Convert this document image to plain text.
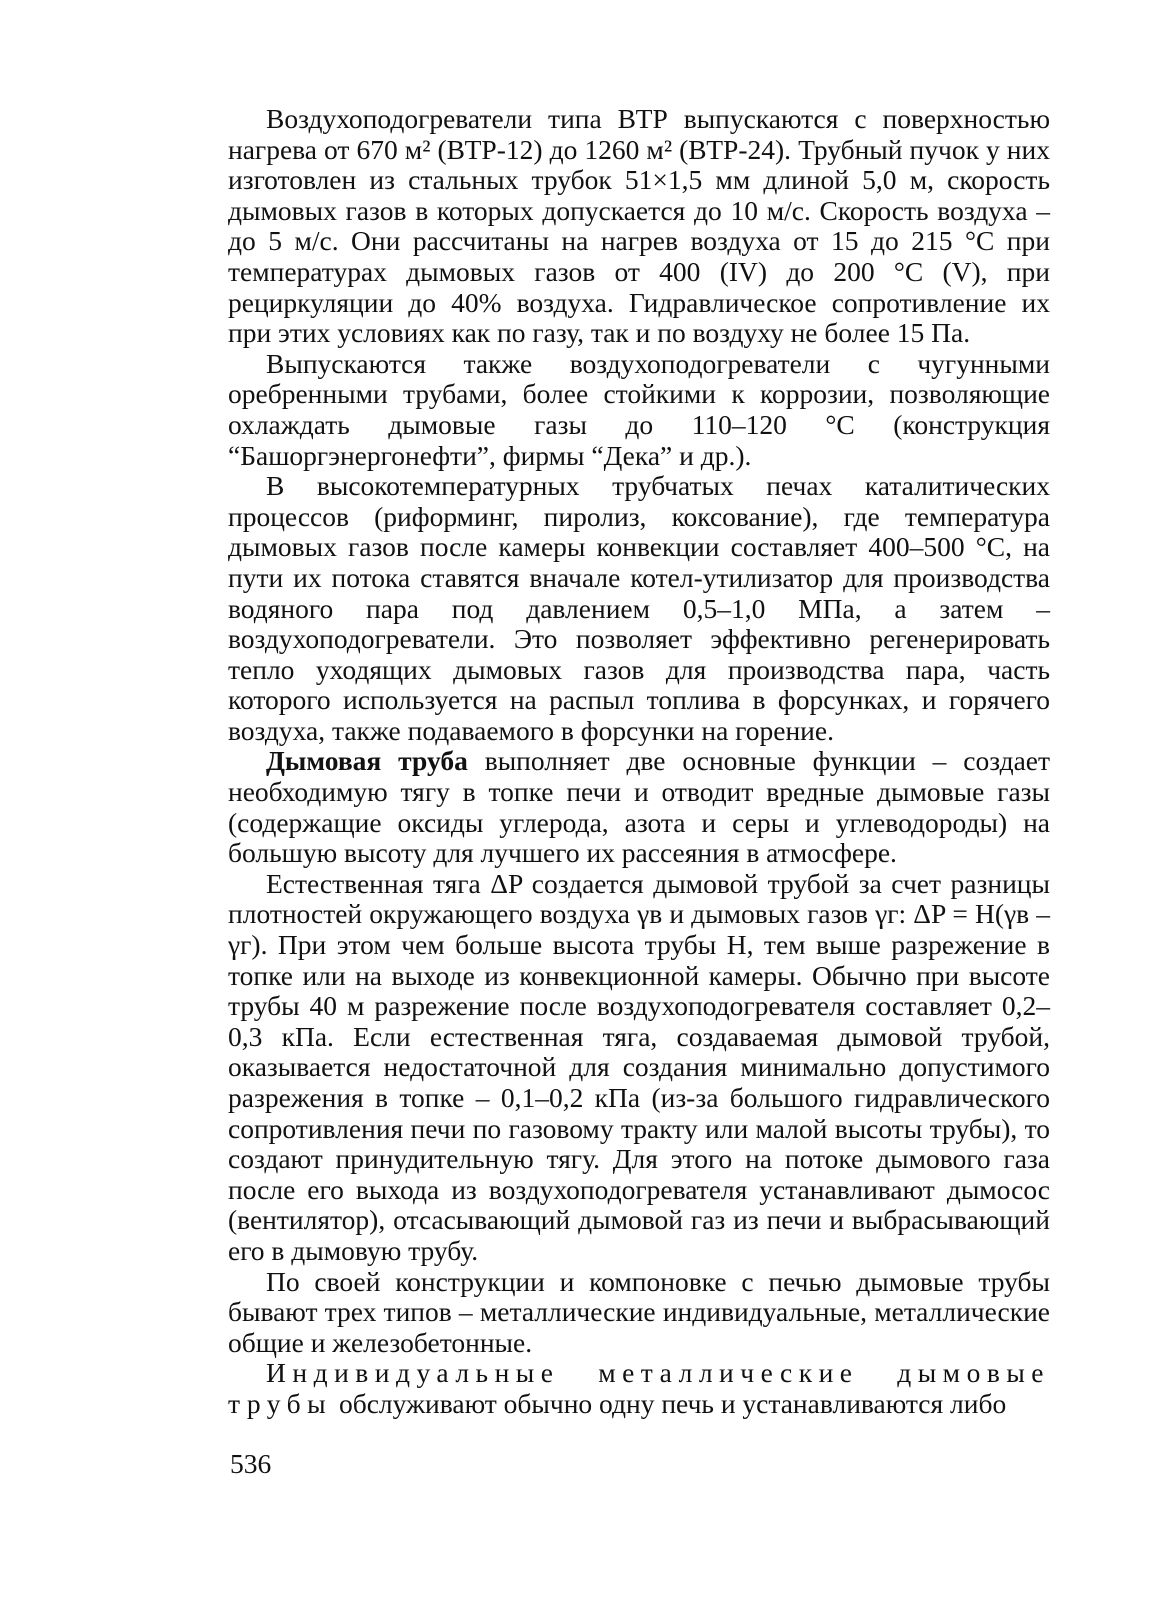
Воздухоподогреватели типа ВТР выпускаются с поверхностью нагрева от 670 м² (ВТР-12) до 1260 м² (ВТР-24). Трубный пучок у них изготовлен из стальных трубок 51×1,5 мм длиной 5,0 м, скорость дымовых газов в которых допускается до 10 м/с. Скорость воздуха – до 5 м/с. Они рассчитаны на нагрев воздуха от 15 до 215 °С при температурах дымовых газов от 400 (IV) до 200 °С (V), при рециркуляции до 40% воздуха. Гидравлическое сопротивление их при этих условиях как по газу, так и по воздуху не более 15 Па.

Выпускаются также воздухоподогреватели с чугунными оребренными трубами, более стойкими к коррозии, позволяющие охлаждать дымовые газы до 110–120 °С (конструкция “Башоргэнергонефти”, фирмы “Дека” и др.).

В высокотемпературных трубчатых печах каталитических процессов (риформинг, пиролиз, коксование), где температура дымовых газов после камеры конвекции составляет 400–500 °С, на пути их потока ставятся вначале котел-утилизатор для производства водяного пара под давлением 0,5–1,0 МПа, а затем – воздухоподогреватели. Это позволяет эффективно регенерировать тепло уходящих дымовых газов для производства пара, часть которого используется на распыл топлива в форсунках, и горячего воздуха, также подаваемого в форсунки на горение.

Дымовая труба выполняет две основные функции – создает необходимую тягу в топке печи и отводит вредные дымовые газы (содержащие оксиды углерода, азота и серы и углеводороды) на большую высоту для лучшего их рассеяния в атмосфере.

Естественная тяга ΔP создается дымовой трубой за счет разницы плотностей окружающего воздуха γв и дымовых газов γг: ΔP = H(γв – γг). При этом чем больше высота трубы H, тем выше разрежение в топке или на выходе из конвекционной камеры. Обычно при высоте трубы 40 м разрежение после воздухоподогревателя составляет 0,2–0,3 кПа. Если естественная тяга, создаваемая дымовой трубой, оказывается недостаточной для создания минимально допустимого разрежения в топке – 0,1–0,2 кПа (из-за большого гидравлического сопротивления печи по газовому тракту или малой высоты трубы), то создают принудительную тягу. Для этого на потоке дымового газа после его выхода из воздухоподогревателя устанавливают дымосос (вентилятор), отсасывающий дымовой газ из печи и выбрасывающий его в дымовую трубу.

По своей конструкции и компоновке с печью дымовые трубы бывают трех типов – металлические индивидуальные, металлические общие и железобетонные.

Индивидуальные металлические дымовые трубы обслуживают обычно одну печь и устанавливаются либо

536
